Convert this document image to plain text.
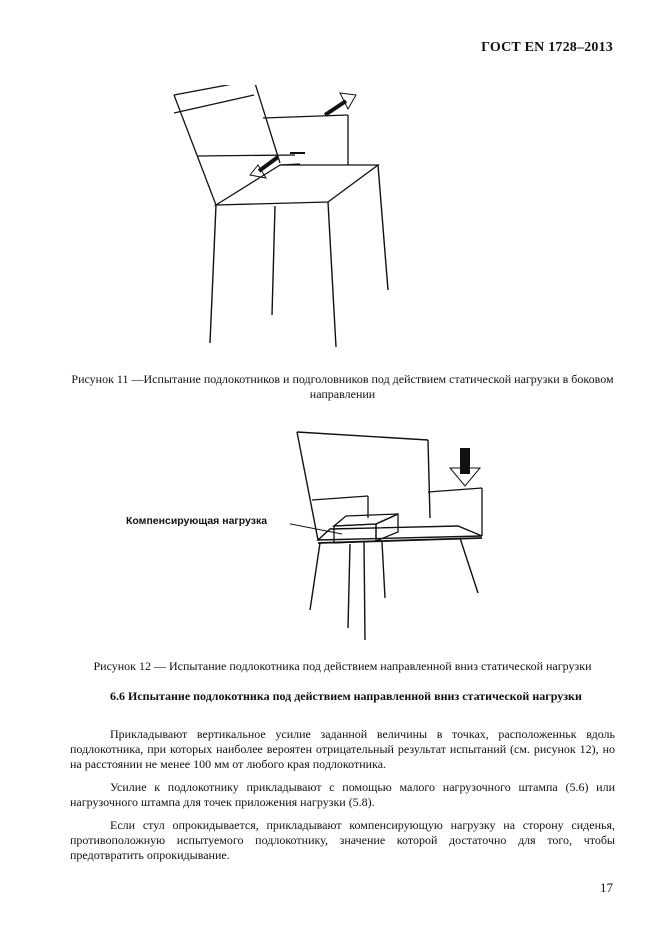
ГОСТ EN 1728–2013
Рисунок 11 —Испытание подлокотников и подголовников под действием статической нагрузки в боковом направлении
Компенсирующая нагрузка
Рисунок 12 — Испытание подлокотника под действием направленной вниз статической нагрузки
6.6 Испытание подлокотника под действием направленной вниз статической нагрузки

Прикладывают вертикальное усилие заданной величины в точках, расположенньк вдоль подлокотника, при которых наиболее вероятен отрицательный результат испытаний (см. рисунок 12), но на расстоянии не менее 100 мм от любого края подлокотника.

Усилие к подлокотнику прикладывают с помощью малого нагрузочного штампа (5.6) или нагрузочного штампа для точек приложения нагрузки (5.8).

Если стул опрокидывается, прикладывают компенсирующую нагрузку на сторону сиденья, противоположную испытуемого подлокотнику, значение которой достаточно для того, чтобы предотвратить опрокидывание.

17
